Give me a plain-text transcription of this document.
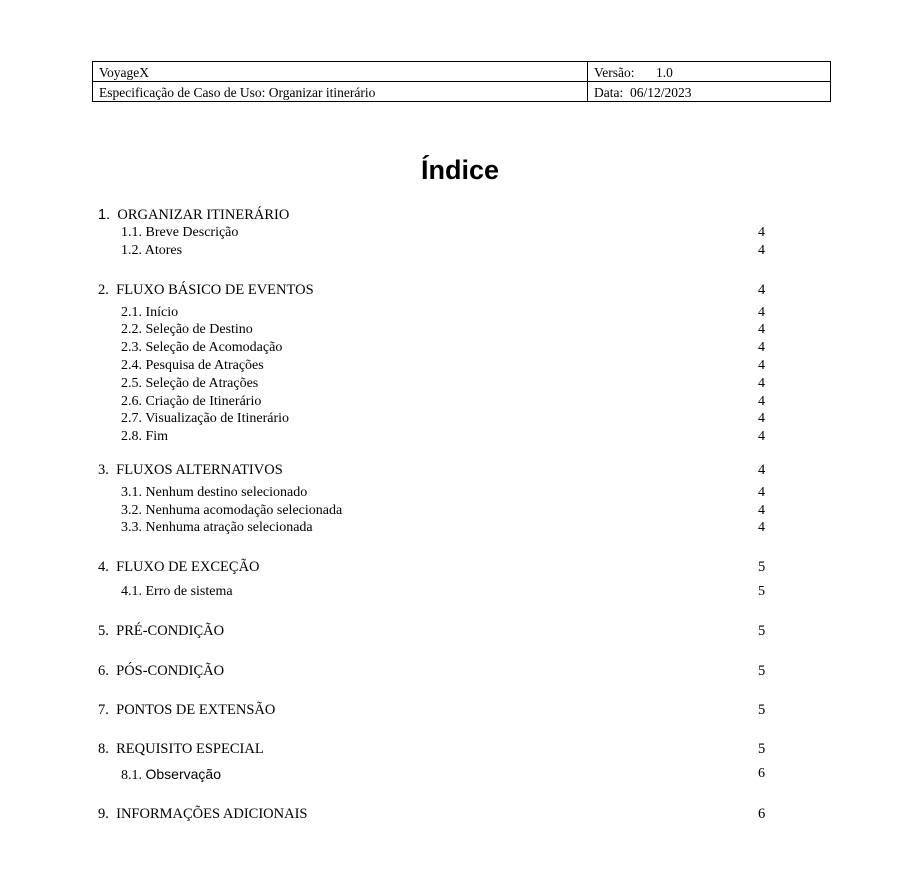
VoyageX	Versão: 1.0
Especificação de Caso de Uso: Organizar itinerário	Data: 06/12/2023
Índice
1. ORGANIZAR ITINERÁRIO
1.1. Breve Descrição	4
1.2. Atores	4
2. FLUXO BÁSICO DE EVENTOS	4
2.1. Início	4
2.2. Seleção de Destino	4
2.3. Seleção de Acomodação	4
2.4. Pesquisa de Atrações	4
2.5. Seleção de Atrações	4
2.6. Criação de Itinerário	4
2.7. Visualização de Itinerário	4
2.8. Fim	4
3. FLUXOS ALTERNATIVOS	4
3.1. Nenhum destino selecionado	4
3.2. Nenhuma acomodação selecionada	4
3.3. Nenhuma atração selecionada	4
4. FLUXO DE EXCEÇÃO	5
4.1. Erro de sistema	5
5. PRÉ-CONDIÇÃO	5
6. PÓS-CONDIÇÃO	5
7. PONTOS DE EXTENSÃO	5
8. REQUISITO ESPECIAL	5
8.1. Observação	6
9. INFORMAÇÕES ADICIONAIS	6
